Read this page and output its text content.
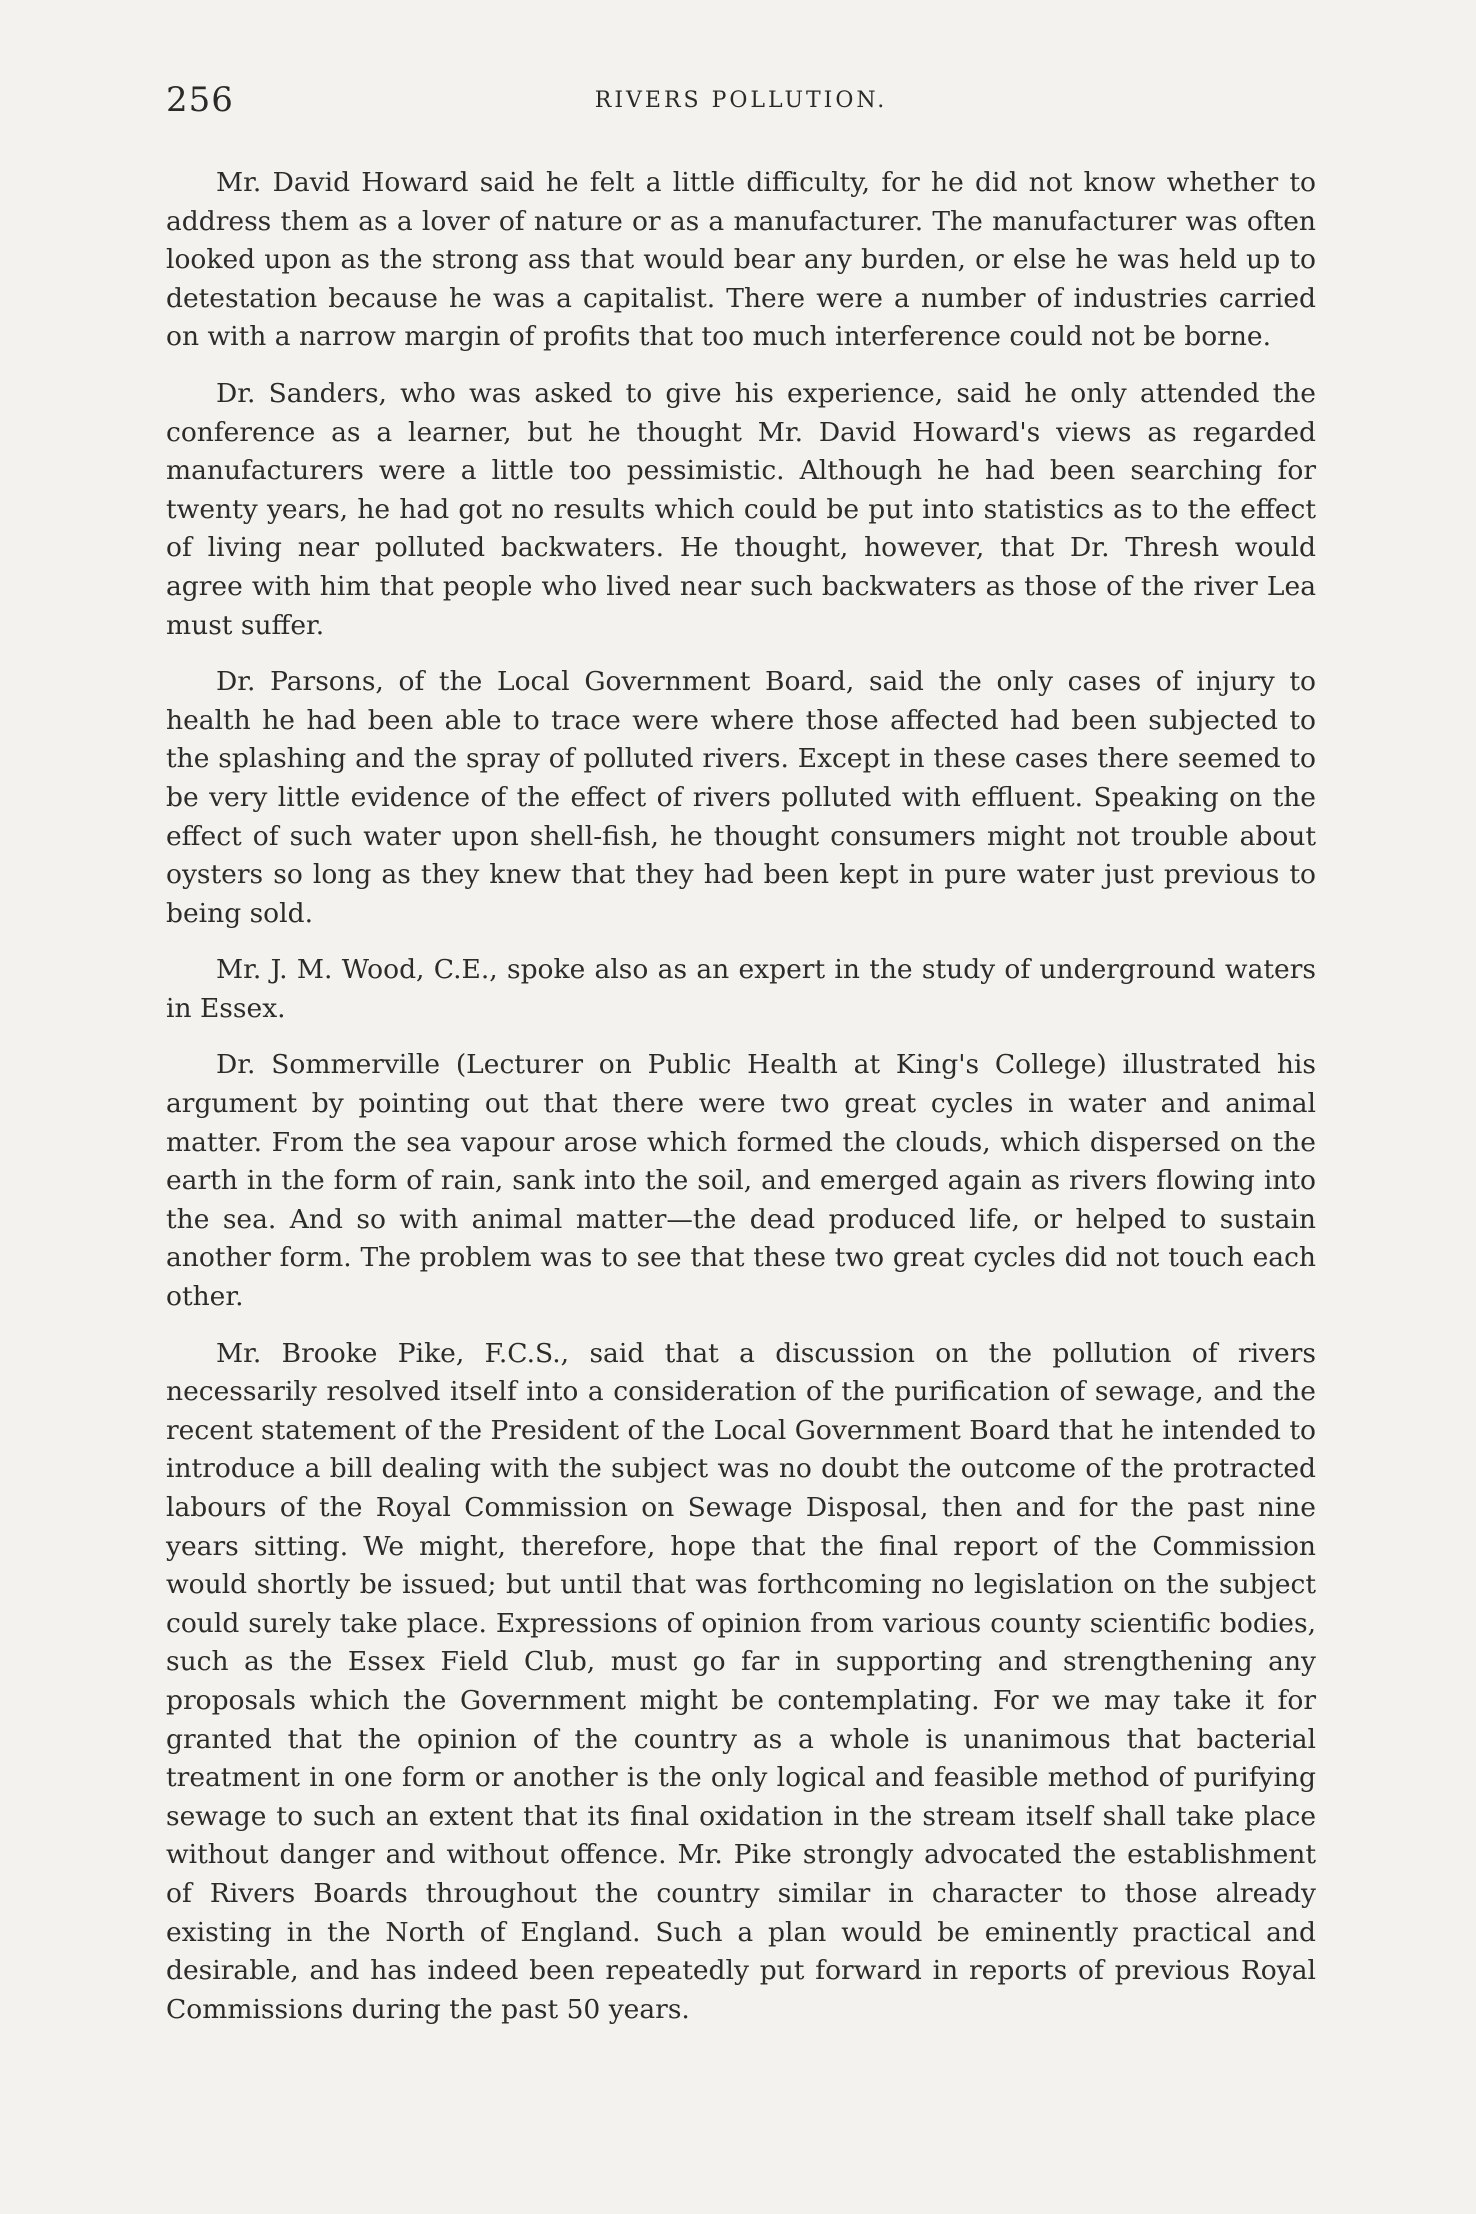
256	RIVERS POLLUTION.

Mr. David Howard said he felt a little difficulty, for he did not know whether to address them as a lover of nature or as a manufacturer. The manufacturer was often looked upon as the strong ass that would bear any burden, or else he was held up to detestation because he was a capitalist. There were a number of industries carried on with a narrow margin of profits that too much interference could not be borne.

Dr. Sanders, who was asked to give his experience, said he only attended the conference as a learner, but he thought Mr. David Howard's views as regarded manufacturers were a little too pessimistic. Although he had been searching for twenty years, he had got no results which could be put into statistics as to the effect of living near polluted backwaters. He thought, however, that Dr. Thresh would agree with him that people who lived near such backwaters as those of the river Lea must suffer.

Dr. Parsons, of the Local Government Board, said the only cases of injury to health he had been able to trace were where those affected had been subjected to the splashing and the spray of polluted rivers. Except in these cases there seemed to be very little evidence of the effect of rivers polluted with effluent. Speaking on the effect of such water upon shell-fish, he thought consumers might not trouble about oysters so long as they knew that they had been kept in pure water just previous to being sold.

Mr. J. M. Wood, C.E., spoke also as an expert in the study of underground waters in Essex.

Dr. Sommerville (Lecturer on Public Health at King's College) illustrated his argument by pointing out that there were two great cycles in water and animal matter. From the sea vapour arose which formed the clouds, which dispersed on the earth in the form of rain, sank into the soil, and emerged again as rivers flowing into the sea. And so with animal matter—the dead produced life, or helped to sustain another form. The problem was to see that these two great cycles did not touch each other.

Mr. Brooke Pike, F.C.S., said that a discussion on the pollution of rivers necessarily resolved itself into a consideration of the purification of sewage, and the recent statement of the President of the Local Government Board that he intended to introduce a bill dealing with the subject was no doubt the outcome of the protracted labours of the Royal Commission on Sewage Disposal, then and for the past nine years sitting. We might, therefore, hope that the final report of the Commission would shortly be issued; but until that was forthcoming no legislation on the subject could surely take place. Expressions of opinion from various county scientific bodies, such as the Essex Field Club, must go far in supporting and strengthening any proposals which the Government might be contemplating. For we may take it for granted that the opinion of the country as a whole is unanimous that bacterial treatment in one form or another is the only logical and feasible method of purifying sewage to such an extent that its final oxidation in the stream itself shall take place without danger and without offence. Mr. Pike strongly advocated the establishment of Rivers Boards throughout the country similar in character to those already existing in the North of England. Such a plan would be eminently practical and desirable, and has indeed been repeatedly put forward in reports of previous Royal Commissions during the past 50 years.
